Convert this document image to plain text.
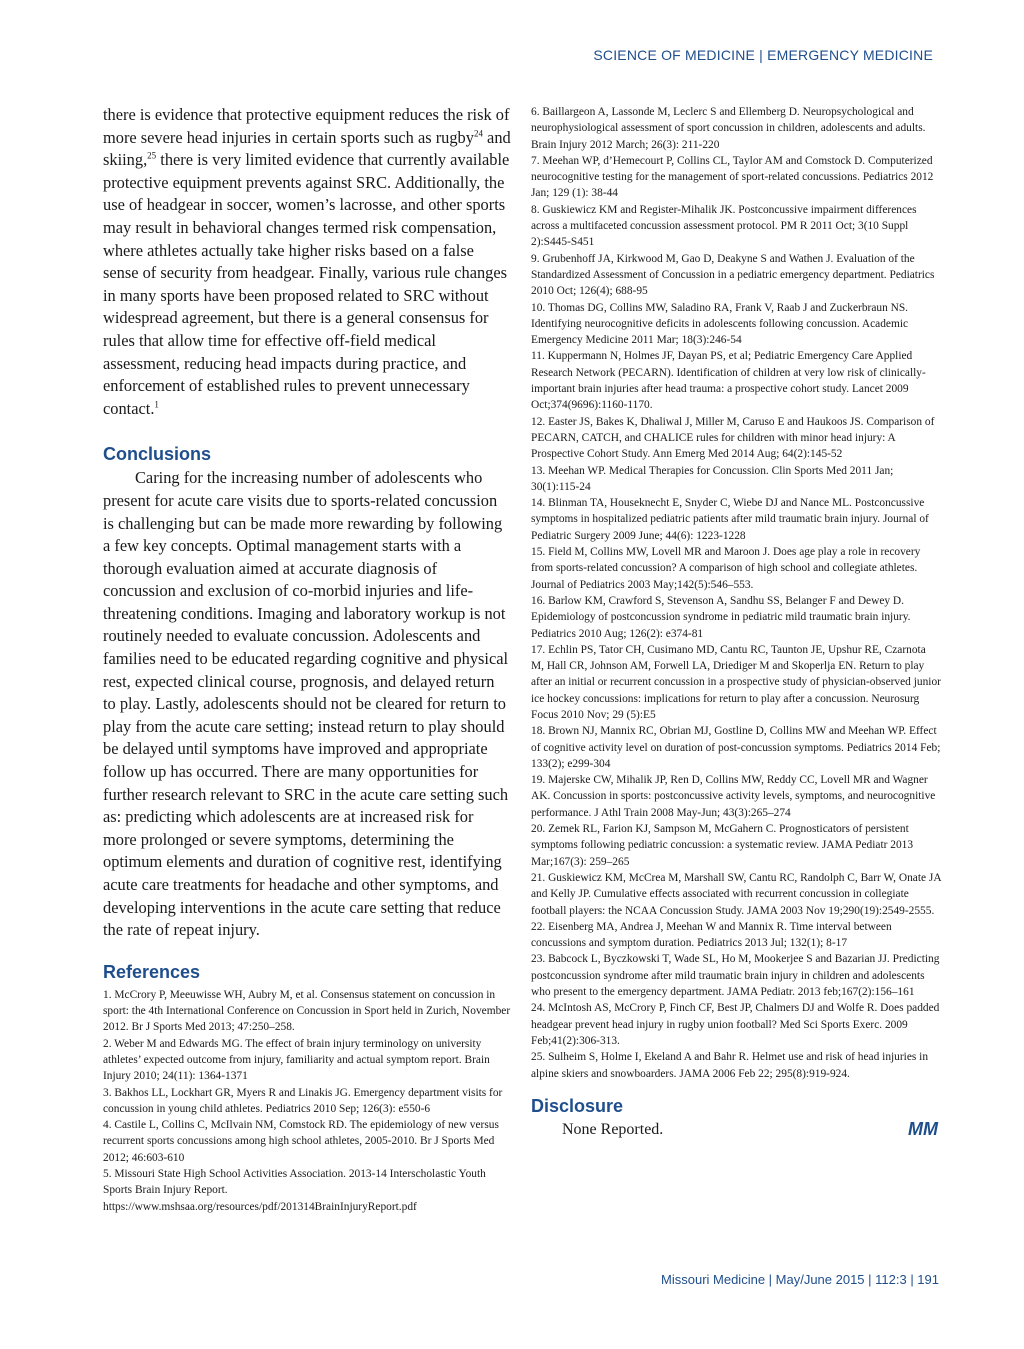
SCIENCE OF MEDICINE | EMERGENCY MEDICINE

there is evidence that protective equipment reduces the risk of more severe head injuries in certain sports such as rugby$^{24}$ and skiing,$^{25}$ there is very limited evidence that currently available protective equipment prevents against SRC. Additionally, the use of headgear in soccer, women’s lacrosse, and other sports may result in behavioral changes termed risk compensation, where athletes actually take higher risks based on a false sense of security from headgear. Finally, various rule changes in many sports have been proposed related to SRC without widespread agreement, but there is a general consensus for rules that allow time for effective off-field medical assessment, reducing head impacts during practice, and enforcement of established rules to prevent unnecessary contact.$^1$

Conclusions

Caring for the increasing number of adolescents who present for acute care visits due to sports-related concussion is challenging but can be made more rewarding by following a few key concepts. Optimal management starts with a thorough evaluation aimed at accurate diagnosis of concussion and exclusion of co-morbid injuries and life-threatening conditions. Imaging and laboratory workup is not routinely needed to evaluate concussion. Adolescents and families need to be educated regarding cognitive and physical rest, expected clinical course, prognosis, and delayed return to play. Lastly, adolescents should not be cleared for return to play from the acute care setting; instead return to play should be delayed until symptoms have improved and appropriate follow up has occurred. There are many opportunities for further research relevant to SRC in the acute care setting such as: predicting which adolescents are at increased risk for more prolonged or severe symptoms, determining the optimum elements and duration of cognitive rest, identifying acute care treatments for headache and other symptoms, and developing interventions in the acute care setting that reduce the rate of repeat injury.

References

1. McCrory P, Meeuwisse WH, Aubry M, et al. Consensus statement on concussion in sport: the 4th International Conference on Concussion in Sport held in Zurich, November 2012. Br J Sports Med 2013; 47:250–258.

2. Weber M and Edwards MG. The effect of brain injury terminology on university athletes’ expected outcome from injury, familiarity and actual symptom report. Brain Injury 2010; 24(11): 1364-1371

3. Bakhos LL, Lockhart GR, Myers R and Linakis JG. Emergency department visits for concussion in young child athletes. Pediatrics 2010 Sep; 126(3): e550-6

4. Castile L, Collins C, McIlvain NM, Comstock RD. The epidemiology of new versus recurrent sports concussions among high school athletes, 2005-2010. Br J Sports Med 2012; 46:603-610

5. Missouri State High School Activities Association. 2013-14 Interscholastic Youth Sports Brain Injury Report. https://www.mshsaa.org/resources/pdf/201314BrainInjuryReport.pdf

6. Baillargeon A, Lassonde M, Leclerc S and Ellemberg D. Neuropsychological and neurophysiological assessment of sport concussion in children, adolescents and adults. Brain Injury 2012 March; 26(3): 211-220

7. Meehan WP, d’Hemecourt P, Collins CL, Taylor AM and Comstock D. Computerized neurocognitive testing for the management of sport-related concussions. Pediatrics 2012 Jan; 129 (1): 38-44

8. Guskiewicz KM and Register-Mihalik JK. Postconcussive impairment differences across a multifaceted concussion assessment protocol. PM R 2011 Oct; 3(10 Suppl 2):S445-S451

9. Grubenhoff JA, Kirkwood M, Gao D, Deakyne S and Wathen J. Evaluation of the Standardized Assessment of Concussion in a pediatric emergency department. Pediatrics 2010 Oct; 126(4); 688-95

10. Thomas DG, Collins MW, Saladino RA, Frank V, Raab J and Zuckerbraun NS. Identifying neurocognitive deficits in adolescents following concussion. Academic Emergency Medicine 2011 Mar; 18(3):246-54

11. Kuppermann N, Holmes JF, Dayan PS, et al; Pediatric Emergency Care Applied Research Network (PECARN). Identification of children at very low risk of clinically-important brain injuries after head trauma: a prospective cohort study. Lancet 2009 Oct;374(9696):1160-1170.

12. Easter JS, Bakes K, Dhaliwal J, Miller M, Caruso E and Haukoos JS. Comparison of PECARN, CATCH, and CHALICE rules for children with minor head injury: A Prospective Cohort Study. Ann Emerg Med 2014 Aug; 64(2):145-52

13. Meehan WP. Medical Therapies for Concussion. Clin Sports Med 2011 Jan; 30(1):115-24

14. Blinman TA, Houseknecht E, Snyder C, Wiebe DJ and Nance ML. Postconcussive symptoms in hospitalized pediatric patients after mild traumatic brain injury. Journal of Pediatric Surgery 2009 June; 44(6): 1223-1228

15. Field M, Collins MW, Lovell MR and Maroon J. Does age play a role in recovery from sports-related concussion? A comparison of high school and collegiate athletes. Journal of Pediatrics 2003 May;142(5):546–553.

16. Barlow KM, Crawford S, Stevenson A, Sandhu SS, Belanger F and Dewey D. Epidemiology of postconcussion syndrome in pediatric mild traumatic brain injury. Pediatrics 2010 Aug; 126(2): e374-81

17. Echlin PS, Tator CH, Cusimano MD, Cantu RC, Taunton JE, Upshur RE, Czarnota M, Hall CR, Johnson AM, Forwell LA, Driediger M and Skoperlja EN. Return to play after an initial or recurrent concussion in a prospective study of physician-observed junior ice hockey concussions: implications for return to play after a concussion. Neurosurg Focus 2010 Nov; 29 (5):E5

18. Brown NJ, Mannix RC, Obrian MJ, Gostline D, Collins MW and Meehan WP. Effect of cognitive activity level on duration of post-concussion symptoms. Pediatrics 2014 Feb; 133(2); e299-304

19. Majerske CW, Mihalik JP, Ren D, Collins MW, Reddy CC, Lovell MR and Wagner AK. Concussion in sports: postconcussive activity levels, symptoms, and neurocognitive performance. J Athl Train 2008 May-Jun; 43(3):265–274

20. Zemek RL, Farion KJ, Sampson M, McGahern C. Prognosticators of persistent symptoms following pediatric concussion: a systematic review. JAMA Pediatr 2013 Mar;167(3): 259–265

21. Guskiewicz KM, McCrea M, Marshall SW, Cantu RC, Randolph C, Barr W, Onate JA and Kelly JP. Cumulative effects associated with recurrent concussion in collegiate football players: the NCAA Concussion Study. JAMA 2003 Nov 19;290(19):2549-2555.

22. Eisenberg MA, Andrea J, Meehan W and Mannix R. Time interval between concussions and symptom duration. Pediatrics 2013 Jul; 132(1); 8-17

23. Babcock L, Byczkowski T, Wade SL, Ho M, Mookerjee S and Bazarian JJ. Predicting postconcussion syndrome after mild traumatic brain injury in children and adolescents who present to the emergency department. JAMA Pediatr. 2013 feb;167(2):156–161

24. McIntosh AS, McCrory P, Finch CF, Best JP, Chalmers DJ and Wolfe R. Does padded headgear prevent head injury in rugby union football? Med Sci Sports Exerc. 2009 Feb;41(2):306-313.

25. Sulheim S, Holme I, Ekeland A and Bahr R. Helmet use and risk of head injuries in alpine skiers and snowboarders. JAMA 2006 Feb 22; 295(8):919-924.

Disclosure

None Reported.	MM
Missouri Medicine | May/June 2015 | 112:3 | 191
